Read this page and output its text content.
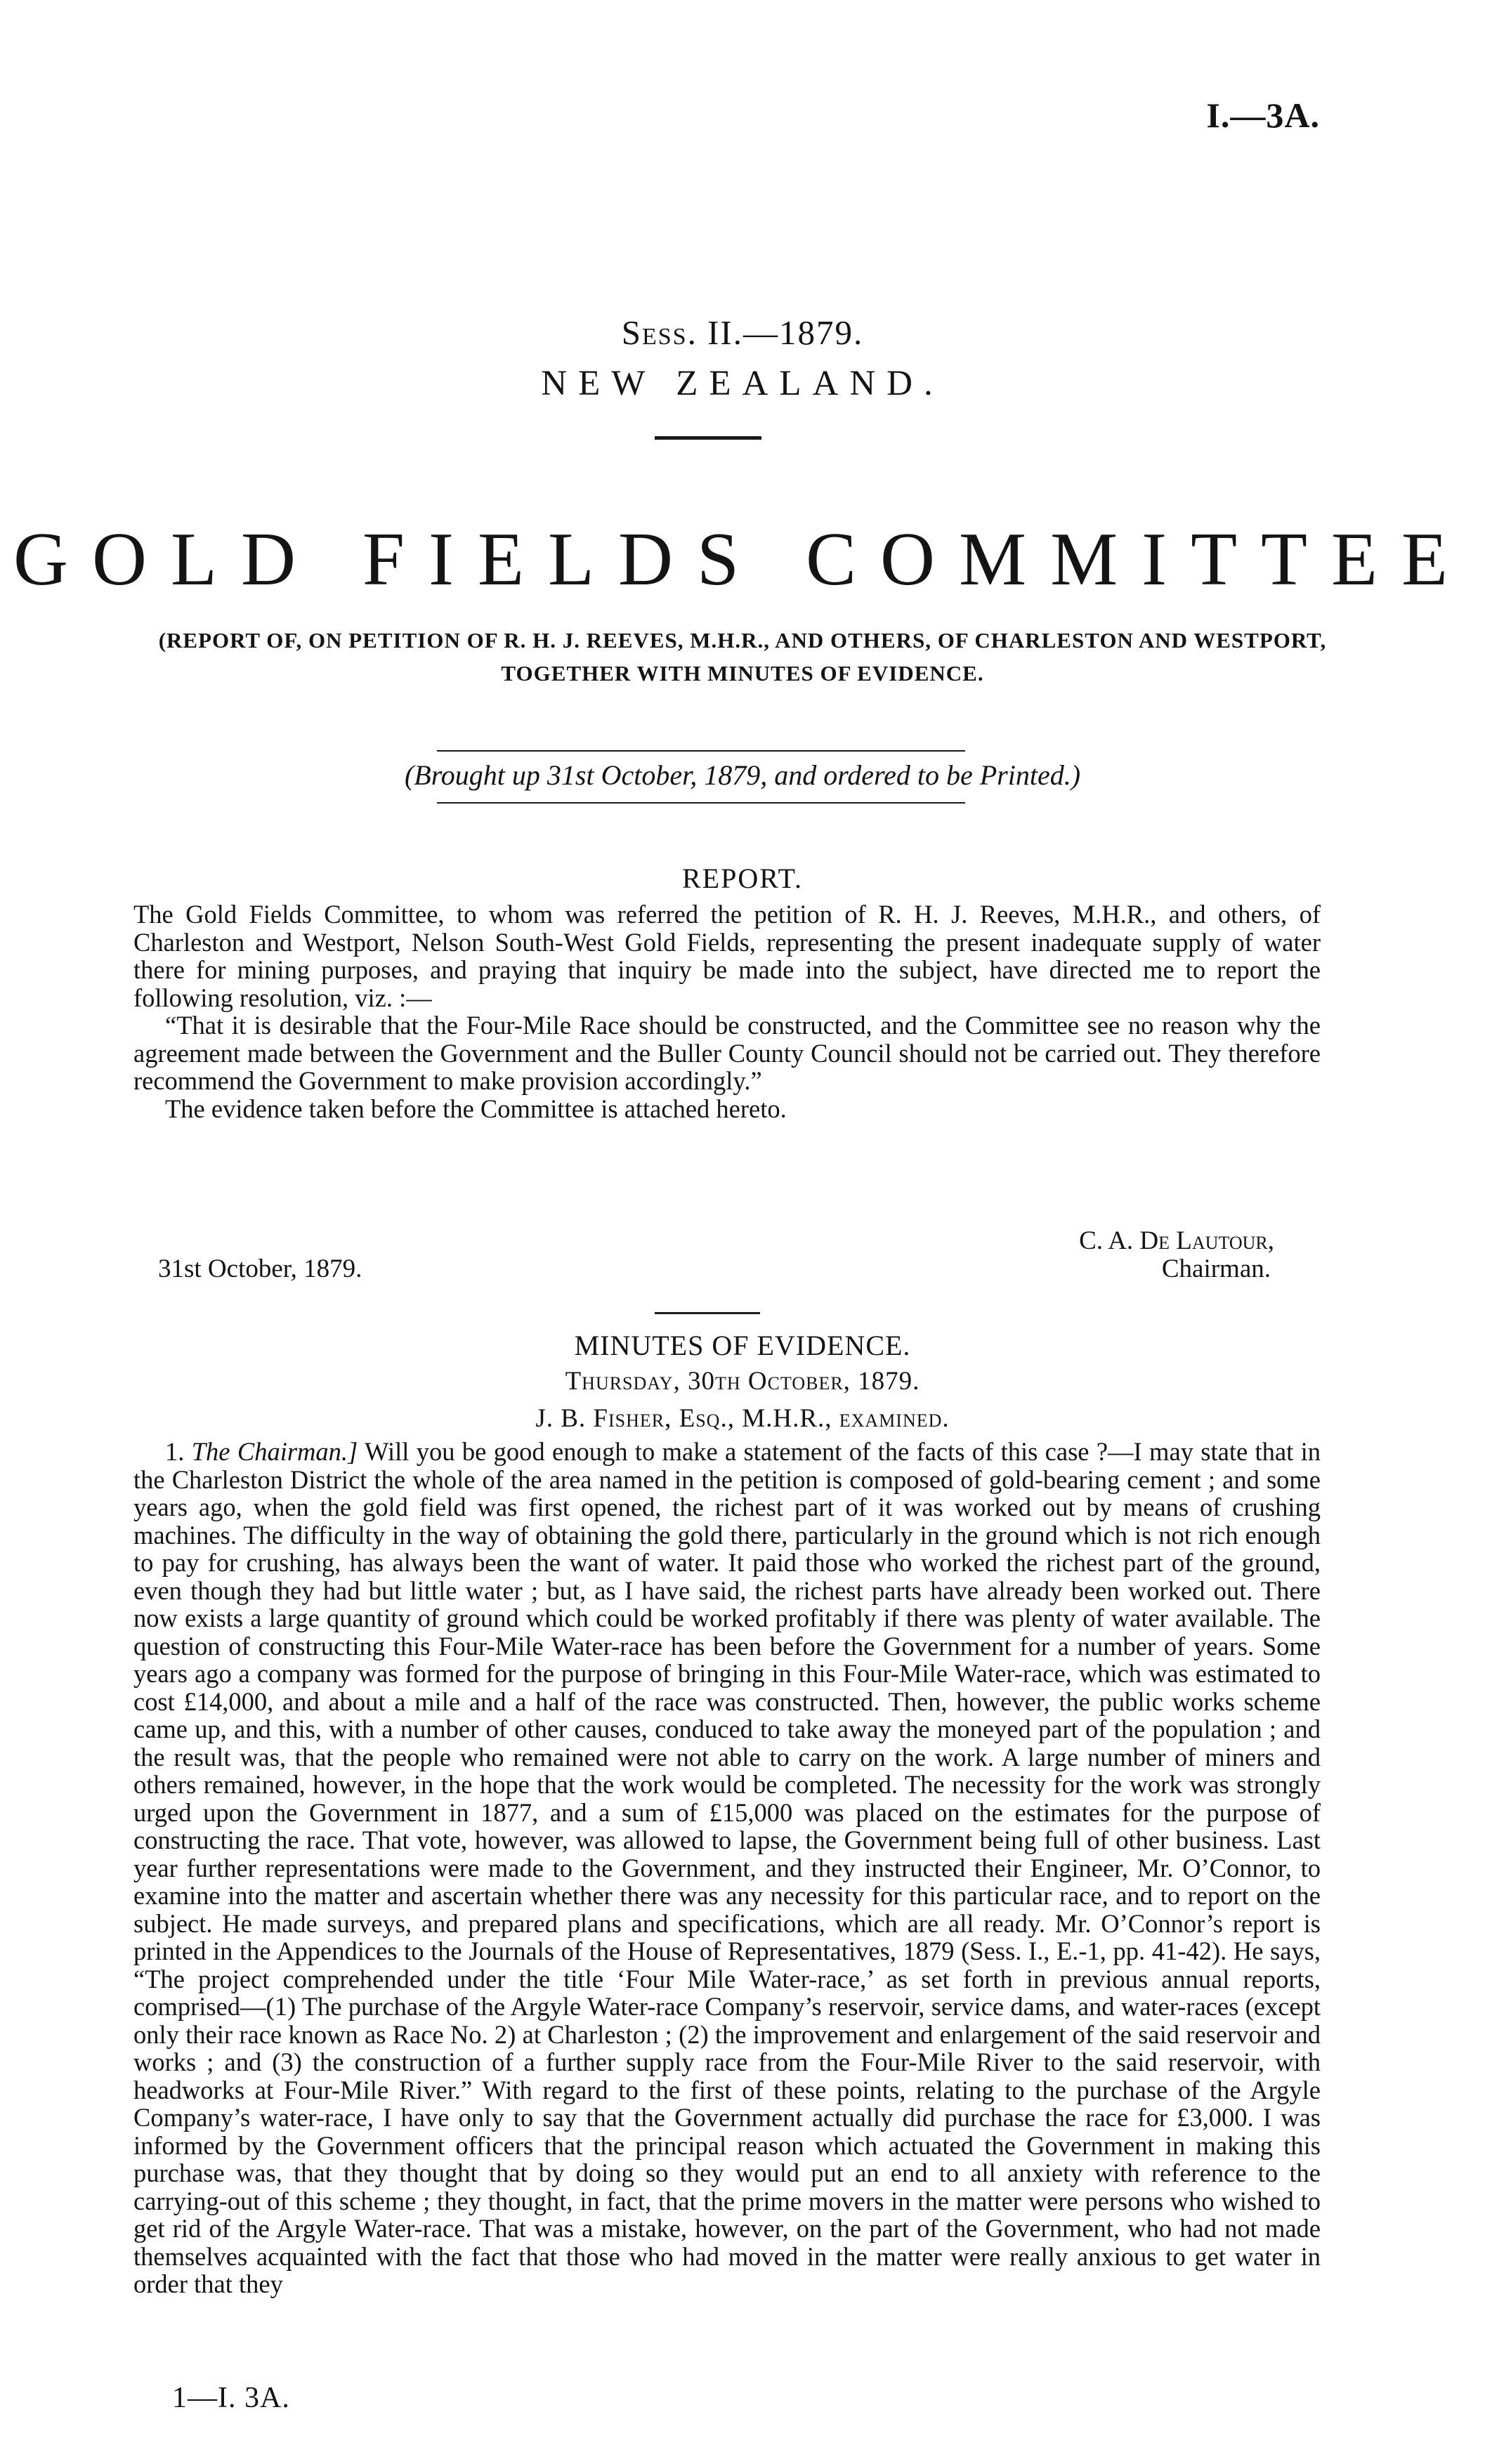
I.—3A.
Sess. II.—1879.
NEW ZEALAND.
GOLD FIELDS COMMITTEE
(REPORT OF, ON PETITION OF R. H. J. REEVES, M.H.R., AND OTHERS, OF CHARLESTON AND WESTPORT, TOGETHER WITH MINUTES OF EVIDENCE.
(Brought up 31st October, 1879, and ordered to be Printed.)
REPORT.

The Gold Fields Committee, to whom was referred the petition of R. H. J. Reeves, M.H.R., and others, of Charleston and Westport, Nelson South-West Gold Fields, representing the present inadequate supply of water there for mining purposes, and praying that inquiry be made into the subject, have directed me to report the following resolution, viz. :—

“That it is desirable that the Four-Mile Race should be constructed, and the Committee see no reason why the agreement made between the Government and the Buller County Council should not be carried out. They therefore recommend the Government to make provision accordingly.”

The evidence taken before the Committee is attached hereto.

C. A. De Lautour,
31st October, 1879.	Chairman.
MINUTES OF EVIDENCE.
Thursday, 30th October, 1879.
J. B. Fisher, Esq., M.H.R., examined.

1. The Chairman.] Will you be good enough to make a statement of the facts of this case ?—I may state that in the Charleston District the whole of the area named in the petition is composed of gold-bearing cement ; and some years ago, when the gold field was first opened, the richest part of it was worked out by means of crushing machines. The difficulty in the way of obtaining the gold there, particularly in the ground which is not rich enough to pay for crushing, has always been the want of water. It paid those who worked the richest part of the ground, even though they had but little water ; but, as I have said, the richest parts have already been worked out. There now exists a large quantity of ground which could be worked profitably if there was plenty of water available. The question of constructing this Four-Mile Water-race has been before the Government for a number of years. Some years ago a company was formed for the purpose of bringing in this Four-Mile Water-race, which was estimated to cost £14,000, and about a mile and a half of the race was constructed. Then, however, the public works scheme came up, and this, with a number of other causes, conduced to take away the moneyed part of the population ; and the result was, that the people who remained were not able to carry on the work. A large number of miners and others remained, however, in the hope that the work would be completed. The necessity for the work was strongly urged upon the Government in 1877, and a sum of £15,000 was placed on the estimates for the purpose of constructing the race. That vote, however, was allowed to lapse, the Government being full of other business. Last year further representations were made to the Government, and they instructed their Engineer, Mr. O’Connor, to examine into the matter and ascertain whether there was any necessity for this particular race, and to report on the subject. He made surveys, and prepared plans and specifications, which are all ready. Mr. O’Connor’s report is printed in the Appendices to the Journals of the House of Representatives, 1879 (Sess. I., E.-1, pp. 41-42). He says, “The project comprehended under the title ‘Four Mile Water-race,’ as set forth in previous annual reports, comprised—(1) The purchase of the Argyle Water-race Company’s reservoir, service dams, and water-races (except only their race known as Race No. 2) at Charleston ; (2) the improvement and enlargement of the said reservoir and works ; and (3) the construction of a further supply race from the Four-Mile River to the said reservoir, with headworks at Four-Mile River.” With regard to the first of these points, relating to the purchase of the Argyle Company’s water-race, I have only to say that the Government actually did purchase the race for £3,000. I was informed by the Government officers that the principal reason which actuated the Government in making this purchase was, that they thought that by doing so they would put an end to all anxiety with reference to the carrying-out of this scheme ; they thought, in fact, that the prime movers in the matter were persons who wished to get rid of the Argyle Water-race. That was a mistake, however, on the part of the Government, who had not made themselves acquainted with the fact that those who had moved in the matter were really anxious to get water in order that they

1—I. 3A.
